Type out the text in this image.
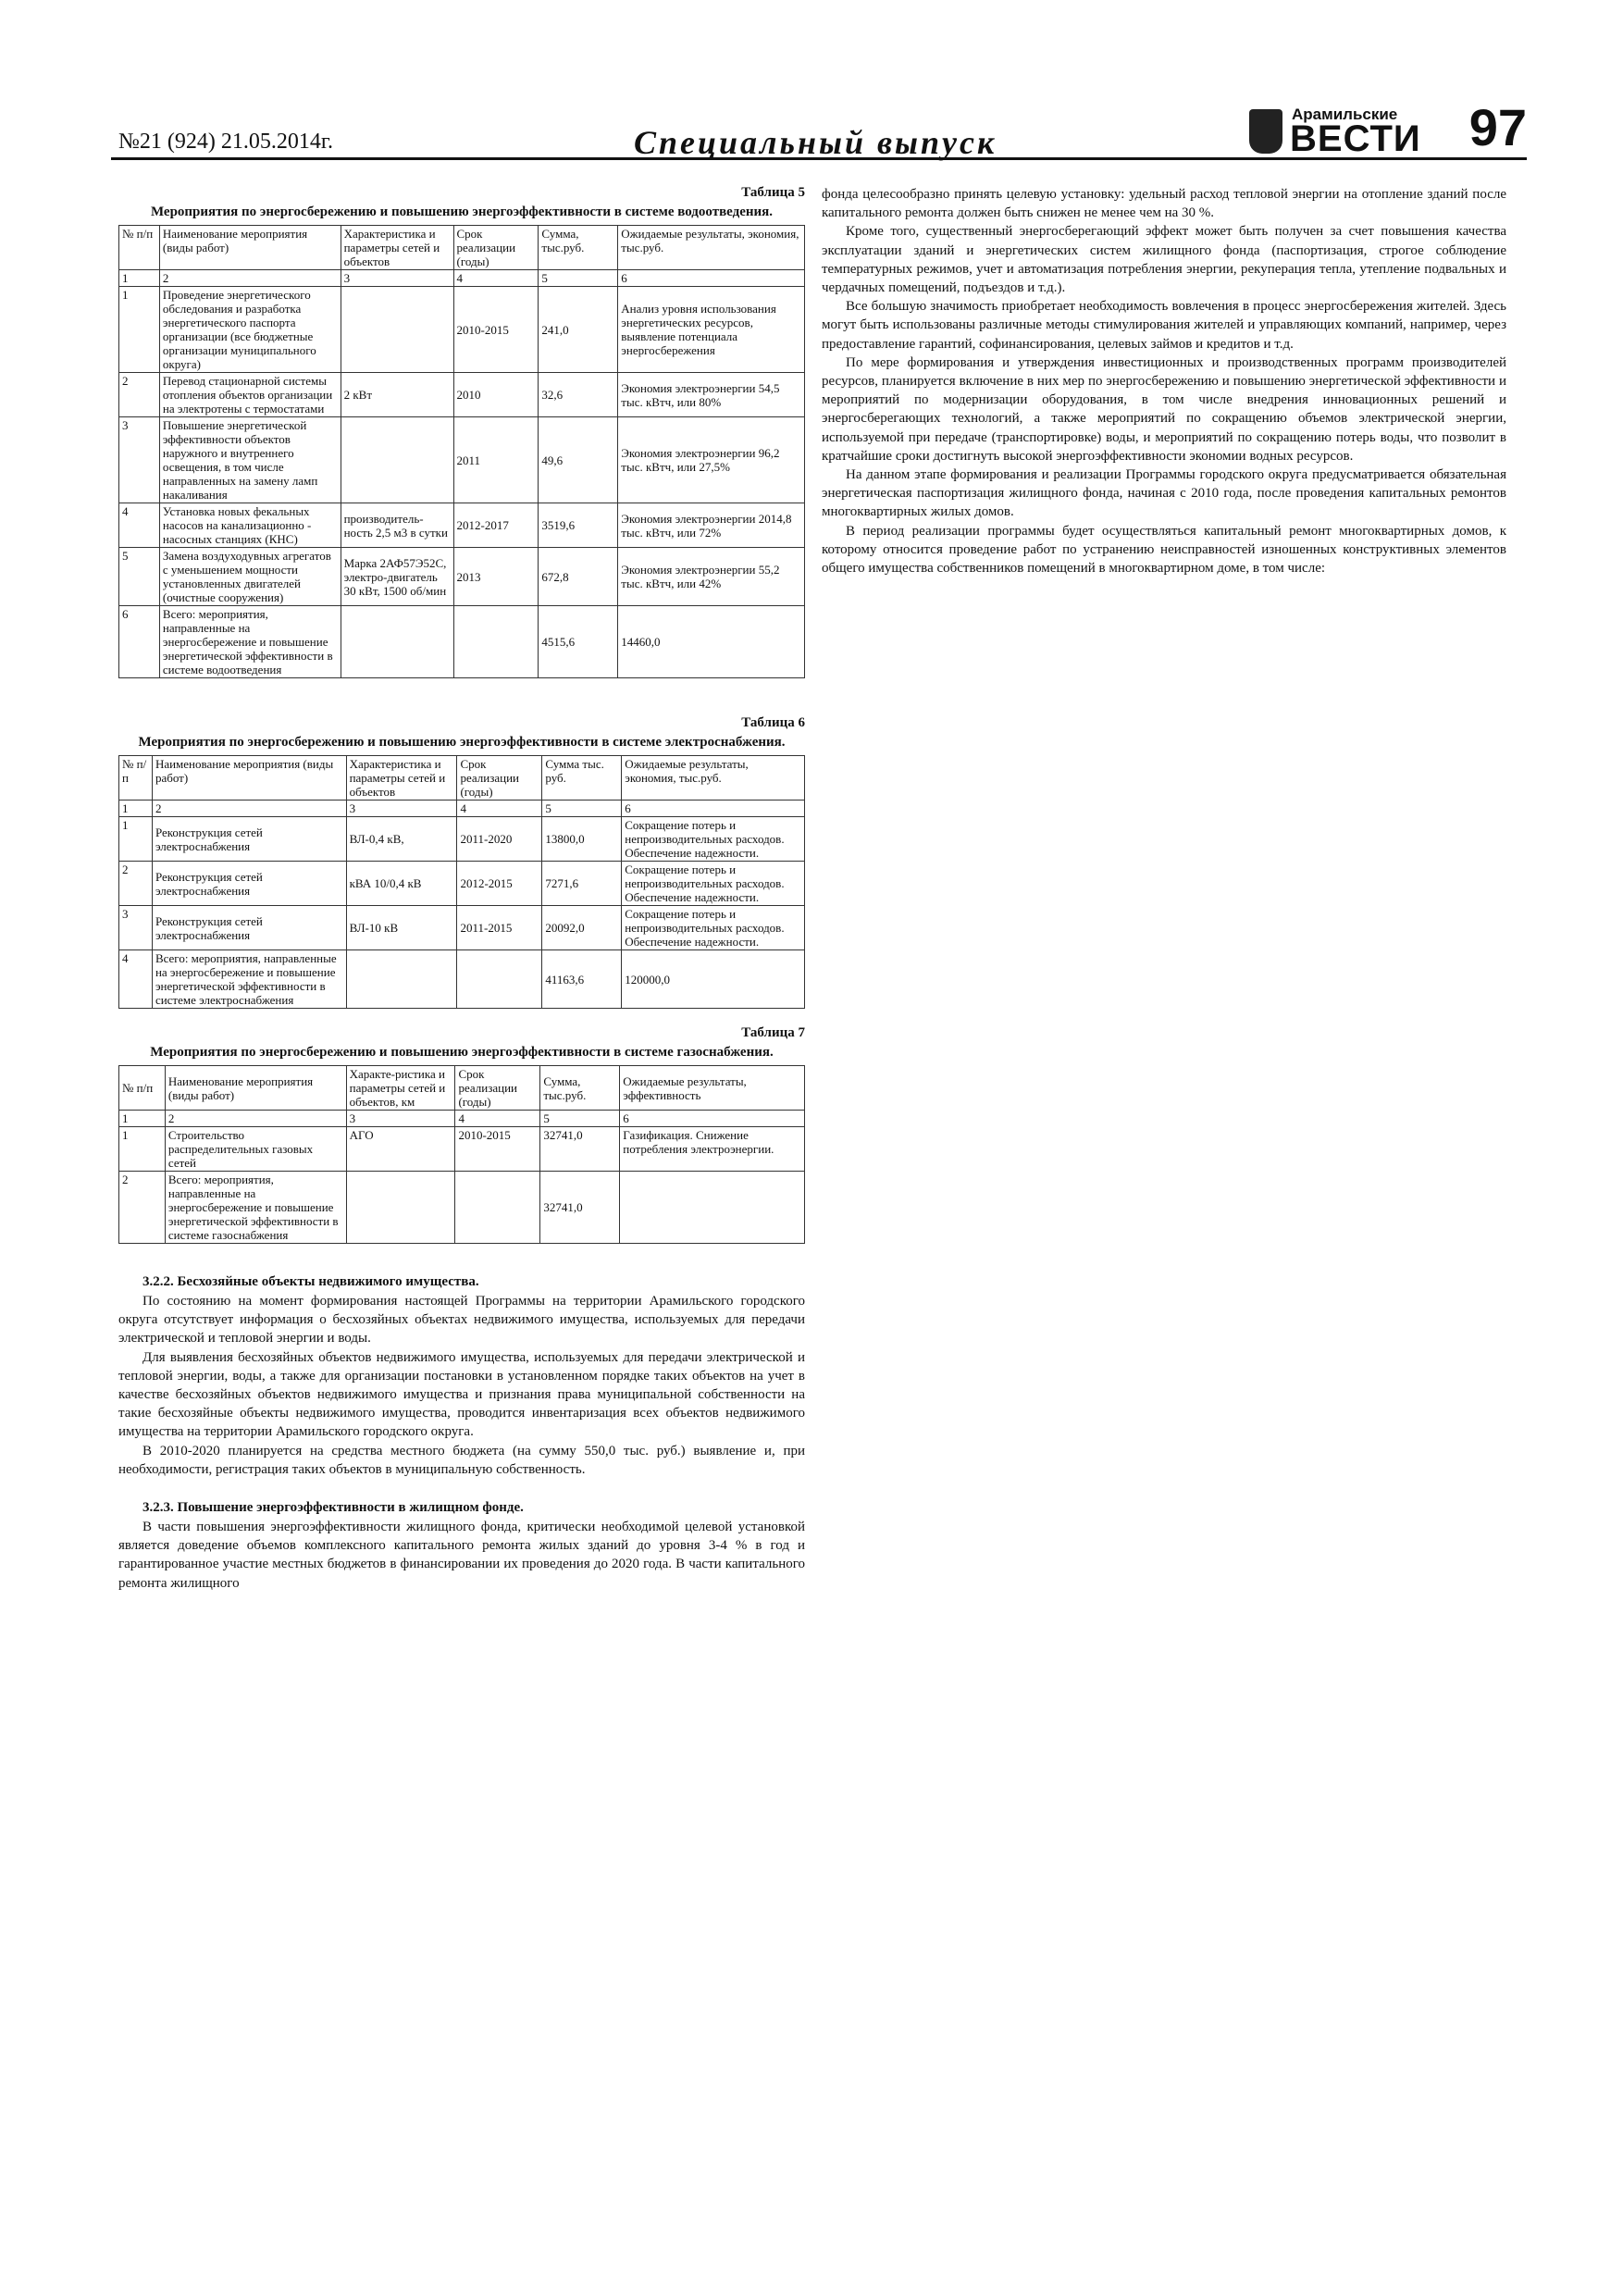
№21 (924) 21.05.2014г.	Специальный выпуск
Арамильские
ВЕСТИ 97
Таблица 5
Мероприятия по энергосбережению и повышению энергоэффективности в системе водоотведения.
№ п/п	Наименование мероприятия (виды работ)	Характеристика и параметры сетей и объектов	Срок реализации (годы)	Сумма, тыс.руб.	Ожидаемые результаты, экономия, тыс.руб.
1	2	3	4	5	6
1	Проведение энергетического обследования и разработка энергетического паспорта организации (все бюджетные организации муниципального округа)		2010-2015	241,0	Анализ уровня использования энергетических ресурсов, выявление потенциала энергосбережения
2	Перевод стационарной системы отопления объектов организации на электротены с термостатами	2 кВт	2010	32,6	Экономия электроэнергии 54,5 тыс. кВтч, или 80%
3	Повышение энергетической эффективности объектов наружного и внутреннего освещения, в том числе направленных на замену ламп накаливания		2011	49,6	Экономия электроэнергии 96,2 тыс. кВтч, или 27,5%
4	Установка новых фекальных насосов на канализационно - насосных станциях (КНС)	производитель-ность 2,5 м3 в сутки	2012-2017	3519,6	Экономия электроэнергии 2014,8 тыс. кВтч, или 72%
5	Замена воздуходувных агрегатов с уменьшением мощности установленных двигателей (очистные сооружения)	Марка 2АФ57Э52С, электро-двигатель 30 кВт, 1500 об/мин	2013	672,8	Экономия электроэнергии 55,2 тыс. кВтч, или 42%
6	Всего: мероприятия, направленные на энергосбережение и повышение энергетической эффективности в системе водоотведения			4515,6	14460,0
Таблица 6
Мероприятия по энергосбережению и повышению энергоэффективности в системе электроснабжения.
№ п/п	Наименование мероприятия (виды работ)	Характеристика и параметры сетей и объектов	Срок реализации (годы)	Сумма тыс. руб.	Ожидаемые результаты, экономия, тыс.руб.
1	2	3	4	5	6
1	Реконструкция сетей электроснабжения	ВЛ-0,4 кВ,	2011-2020	13800,0	Сокращение потерь и непроизводительных расходов. Обеспечение надежности.
2	Реконструкция сетей электроснабжения	кВА 10/0,4 кВ	2012-2015	7271,6	Сокращение потерь и непроизводительных расходов. Обеспечение надежности.
3	Реконструкция сетей электроснабжения	ВЛ-10 кВ	2011-2015	20092,0	Сокращение потерь и непроизводительных расходов. Обеспечение надежности.
4	Всего: мероприятия, направленные на энергосбережение и повышение энергетической эффективности в системе электроснабжения			41163,6	120000,0
Таблица 7
Мероприятия по энергосбережению и повышению энергоэффективности в системе газоснабжения.
№ п/п	Наименование мероприятия (виды работ)	Характе-ристика и параметры сетей и объектов, км	Срок реализации (годы)	Сумма, тыс.руб.	Ожидаемые результаты, эффективность
1	2	3	4	5	6
1	Строительство распределительных газовых сетей	АГО	2010-2015	32741,0	Газификация. Снижение потребления электроэнергии.
2	Всего: мероприятия, направленные на энергосбережение и повышение энергетической эффективности в системе газоснабжения			32741,0	

3.2.2. Бесхозяйные объекты недвижимого имущества.

По состоянию на момент формирования настоящей Программы на территории Арамильского городского округа отсутствует информация о бесхозяйных объектах недвижимого имущества, используемых для передачи электрической и тепловой энергии и воды.

Для выявления бесхозяйных объектов недвижимого имущества, используемых для передачи электрической и тепловой энергии, воды, а также для организации постановки в установленном порядке таких объектов на учет в качестве бесхозяйных объектов недвижимого имущества и признания права муниципальной собственности на такие бесхозяйные объекты недвижимого имущества, проводится инвентаризация всех объектов недвижимого имущества на территории Арамильского городского округа.

В 2010-2020 планируется на средства местного бюджета (на сумму 550,0 тыс. руб.) выявление и, при необходимости, регистрация таких объектов в муниципальную собственность.

3.2.3. Повышение энергоэффективности в жилищном фонде.

В части повышения энергоэффективности жилищного фонда, критически необходимой целевой установкой является доведение объемов комплексного капитального ремонта жилых зданий до уровня 3-4 % в год и гарантированное участие местных бюджетов в финансировании их проведения до 2020 года. В части капитального ремонта жилищного

фонда целесообразно принять целевую установку: удельный расход тепловой энергии на отопление зданий после капитального ремонта должен быть снижен не менее чем на 30 %.

Кроме того, существенный энергосберегающий эффект может быть получен за счет повышения качества эксплуатации зданий и энергетических систем жилищного фонда (паспортизация, строгое соблюдение температурных режимов, учет и автоматизация потребления энергии, рекуперация тепла, утепление подвальных и чердачных помещений, подъездов и т.д.).

Все большую значимость приобретает необходимость вовлечения в процесс энергосбережения жителей. Здесь могут быть использованы различные методы стимулирования жителей и управляющих компаний, например, через предоставление гарантий, софинансирования, целевых займов и кредитов и т.д.

По мере формирования и утверждения инвестиционных и производственных программ производителей ресурсов, планируется включение в них мер по энергосбережению и повышению энергетической эффективности и мероприятий по модернизации оборудования, в том числе внедрения инновационных решений и энергосберегающих технологий, а также мероприятий по сокращению объемов электрической энергии, используемой при передаче (транспортировке) воды, и мероприятий по сокращению потерь воды, что позволит в кратчайшие сроки достигнуть высокой энергоэффективности экономии водных ресурсов.

На данном этапе формирования и реализации Программы городского округа предусматривается обязательная энергетическая паспортизация жилищного фонда, начиная с 2010 года, после проведения капитальных ремонтов многоквартирных жилых домов.

В период реализации программы будет осуществляться капитальный ремонт многоквартирных домов, к которому относится проведение работ по устранению неисправностей изношенных конструктивных элементов общего имущества собственников помещений в многоквартирном доме, в том числе:
